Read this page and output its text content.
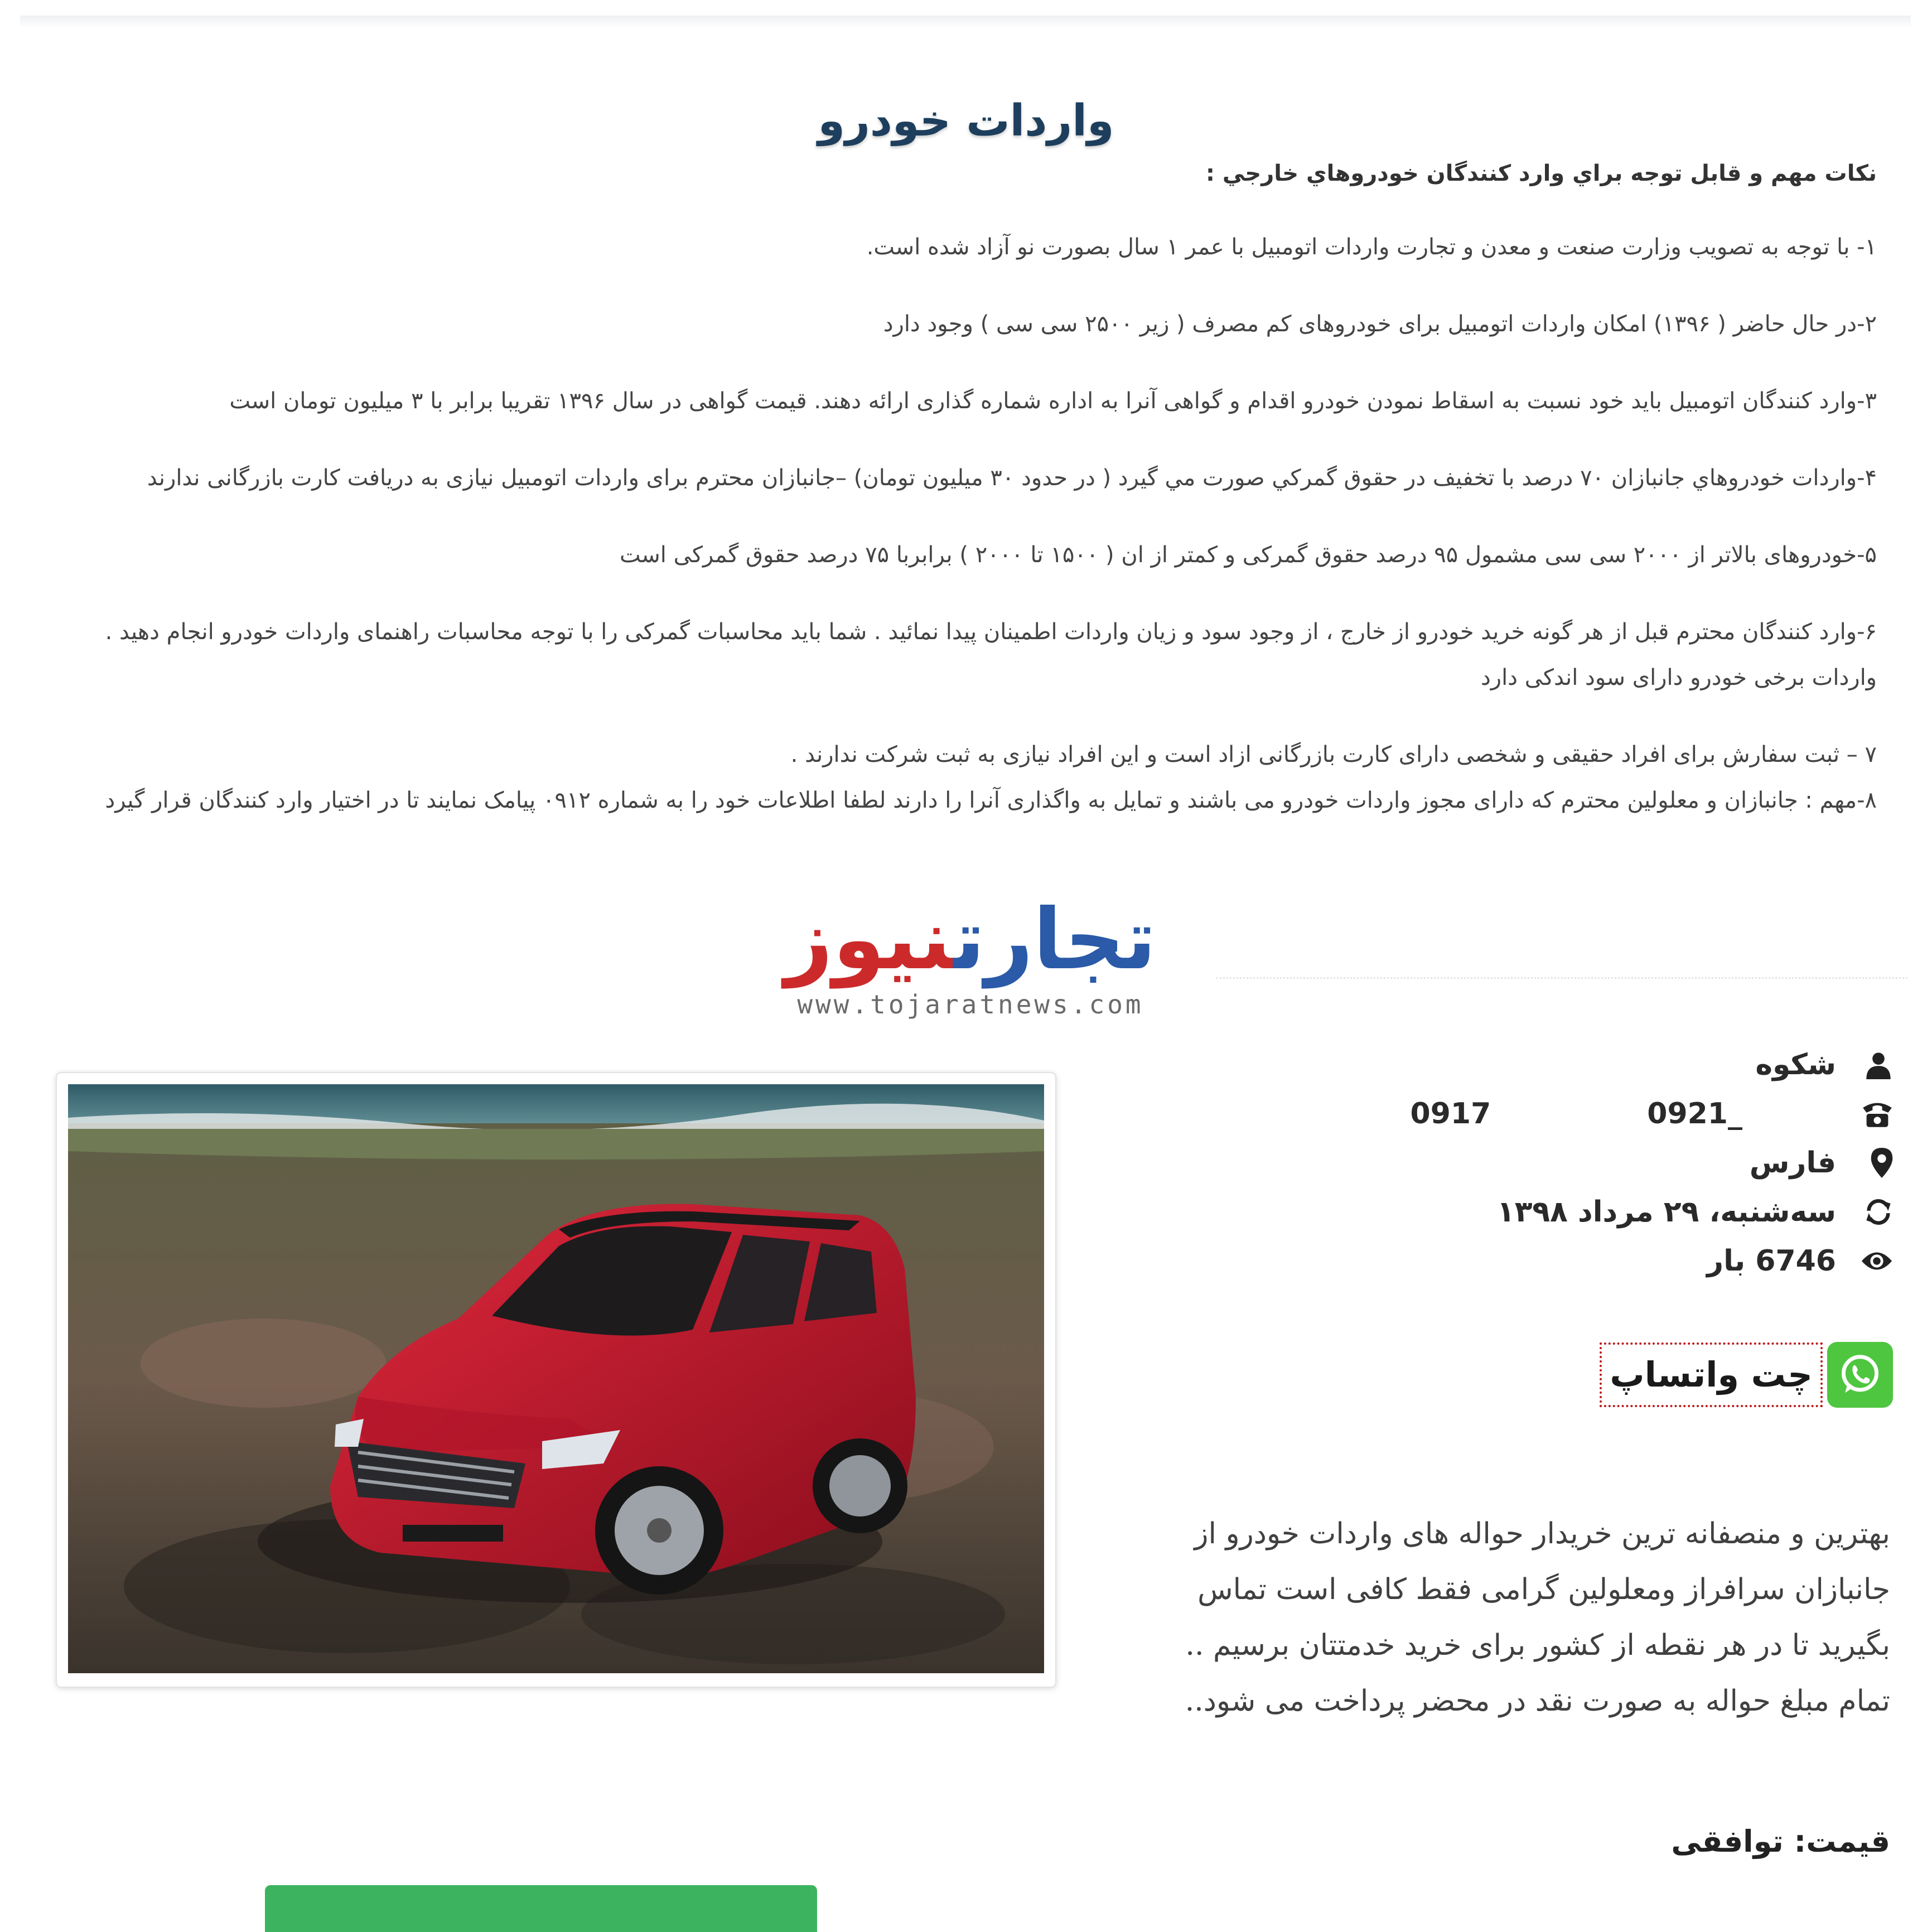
واردات خودرو

نكات مهم و قابل توجه براي وارد كنندگان خودروهاي خارجي :

۱- با توجه به تصویب وزارت صنعت و معدن و تجارت واردات اتومبیل با عمر ۱ سال بصورت نو آزاد شده است.

۲-در حال حاضر ( ۱۳۹۶) امکان واردات اتومبیل برای خودروهای کم مصرف ( زیر ۲۵۰۰ سی سی ) وجود دارد

۳-وارد کنندگان اتومبیل باید خود نسبت به اسقاط نمودن خودرو اقدام و گواهی آنرا به اداره شماره گذاری ارائه دهند. قیمت گواهی در سال ۱۳۹۶ تقریبا برابر با ۳ میلیون تومان است

۴-واردات خودروهاي جانبازان ۷۰ درصد با تخفیف در حقوق گمركي صورت مي گيرد ( در حدود ۳۰ میلیون تومان) –جانبازان محترم برای واردات اتومبیل نیازی به دریافت کارت بازرگانی ندارند

۵-خودروهای بالاتر از ۲۰۰۰ سی سی مشمول ۹۵ درصد حقوق گمرکی و کمتر از ان ( ۱۵۰۰ تا ۲۰۰۰ ) برابربا ۷۵ درصد حقوق گمرکی است

۶-وارد کنندگان محترم قبل از هر گونه خرید خودرو از خارج ، از وجود سود و زیان واردات اطمینان پیدا نمائید . شما باید محاسبات گمرکی را با توجه محاسبات راهنمای واردات خودرو انجام دهید . واردات برخی خودرو دارای سود اندکی دارد

۷ – ثبت سفارش برای افراد حقیقی و شخصی دارای کارت بازرگانی ازاد است و این افراد نیازی به ثبت شرکت ندارند .

۸-مهم : جانبازان و معلولین محترم که دارای مجوز واردات خودرو می باشند و تمایل به واگذاری آنرا را دارند لطفا اطلاعات خود را به شماره ۰۹۱۲ پیامک نمایند تا در اختیار وارد کنندگان قرار گیرد

تجارتنیوز
www.tojaratnews.com
شکوه
0921_
0917
فارس
سه‌شنبه، ۲۹ مرداد ۱۳۹۸
6746 بار
چت واتساپ
بهترین و منصفانه ترین خریدار حواله های واردات خودرو از
جانبازان سرافراز ومعلولین گرامی فقط کافی است تماس
بگیرید تا در هر نقطه از کشور برای خرید خدمتتان برسیم ..
تمام مبلغ حواله به صورت نقد در محضر پرداخت می شود..
قیمت: توافقی
